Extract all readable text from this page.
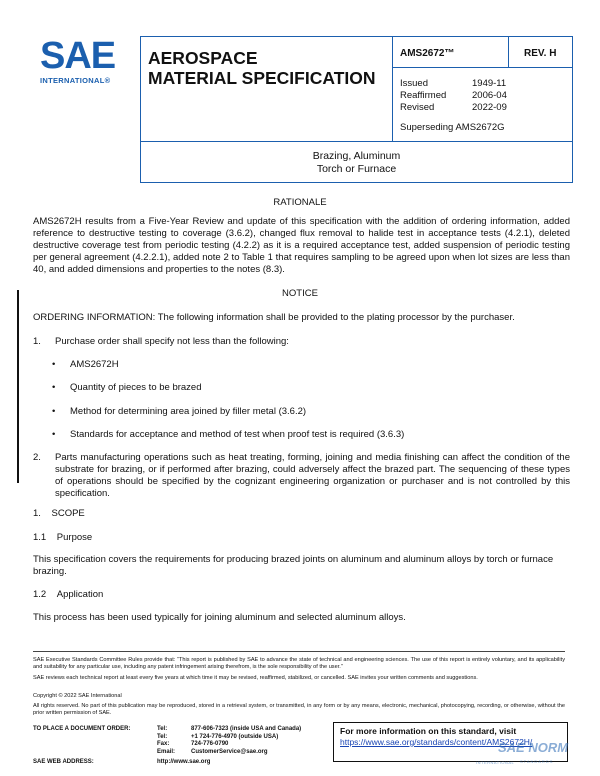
SAE
INTERNATIONAL®
AEROSPACE
MATERIAL SPECIFICATION
AMS2672™	REV. H
Issued	1949-11
Reaffirmed	2006-04
Revised	2022-09
Superseding AMS2672G
Brazing, Aluminum
Torch or Furnace
RATIONALE
AMS2672H results from a Five-Year Review and update of this specification with the addition of ordering information, added reference to destructive testing to coverage (3.6.2), changed flux removal to halide test in acceptance tests (4.2.1), deleted destructive coverage test from periodic testing (4.2.2) as it is a required acceptance test, added suspension of periodic testing per general agreement (4.2.2.1), added note 2 to Table 1 that requires sampling to be agreed upon when lot sizes are less than 40, and added dimensions and properties to the notes (8.3).
NOTICE
ORDERING INFORMATION: The following information shall be provided to the plating processor by the purchaser.
1. Purchase order shall specify not less than the following:
• AMS2672H
• Quantity of pieces to be brazed
• Method for determining area joined by filler metal (3.6.2)
• Standards for acceptance and method of test when proof test is required (3.6.3)
2. Parts manufacturing operations such as heat treating, forming, joining and media finishing can affect the condition of the substrate for brazing, or if performed after brazing, could adversely affect the brazed part. The sequencing of these types of operations should be specified by the cognizant engineering organization or purchaser and is not controlled by this specification.
1. SCOPE
1.1 Purpose
This specification covers the requirements for producing brazed joints on aluminum and aluminum alloys by torch or furnace brazing.
1.2 Application
This process has been used typically for joining aluminum and selected aluminum alloys.
SAE Executive Standards Committee Rules provide that: “This report is published by SAE to advance the state of technical and engineering sciences. The use of this report is entirely voluntary, and its applicability and suitability for any particular use, including any patent infringement arising therefrom, is the sole responsibility of the user.”
SAE reviews each technical report at least every five years at which time it may be revised, reaffirmed, stabilized, or cancelled. SAE invites your written comments and suggestions.
Copyright © 2022 SAE International
All rights reserved. No part of this publication may be reproduced, stored in a retrieval system, or transmitted, in any form or by any means, electronic, mechanical, photocopying, recording, or otherwise, without the prior written permission of SAE.
TO PLACE A DOCUMENT ORDER:	Tel:	877-606-7323 (inside USA and Canada)
Tel:	+1 724-776-4970 (outside USA)
Fax:	724-776-0790
Email:	CustomerService@sae.org
SAE WEB ADDRESS:	http://www.sae.org
For more information on this standard, visit
https://www.sae.org/standards/content/AMS2672H/
SAE NORM
INTERNATIONAL STANDARDS
